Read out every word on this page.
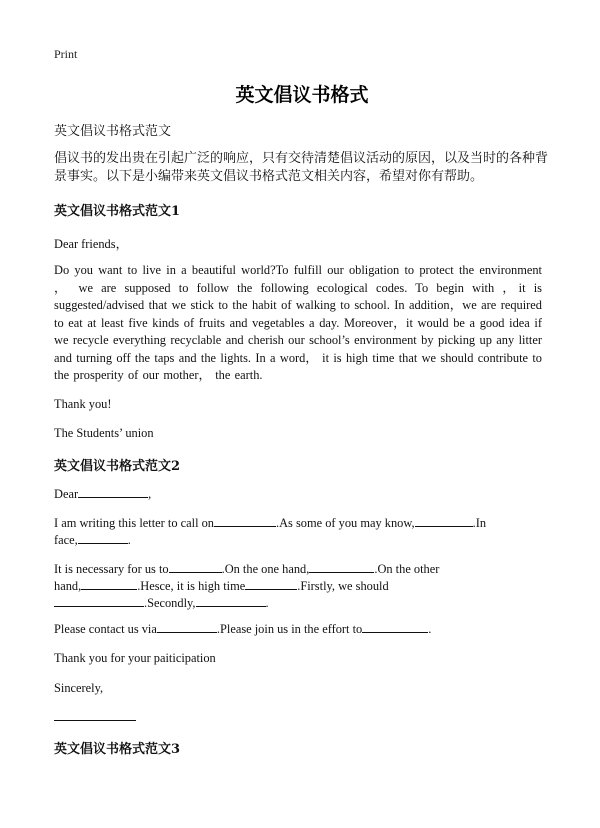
Print
英文倡议书格式

英文倡议书格式范文

倡议书的发出贵在引起广泛的响应，只有交待清楚倡议活动的原因，以及当时的各种背景事实。以下是小编带来英文倡议书格式范文相关内容，希望对你有帮助。

英文倡议书格式范文1

Dear friends，

Do you want to live in a beautiful world?To fulfill our obligation to protect the environment ， we are supposed to follow the following ecological codes. To begin with ，it is suggested/advised that we stick to the habit of walking to school. In addition，we are required to eat at least five kinds of fruits and vegetables a day. Moreover，it would be a good idea if we recycle everything recyclable and cherish our school’s environment by picking up any litter and turning off the taps and the lights. In a word， it is high time that we should contribute to the prosperity of our mother， the earth.

Thank you!

The Students’ union

英文倡议书格式范文2

Dear	,

I am writing this letter to call on	.As some of you may know,	.In

face,	.

It is necessary for us to	.On the one hand,	.On the other

hand,	.Hesce, it is high time	.Firstly, we should

.Secondly,	.

Please contact us via	.Please join us in the effort to	.

Thank you for your paiticipation

Sincerely,

英文倡议书格式范文3
